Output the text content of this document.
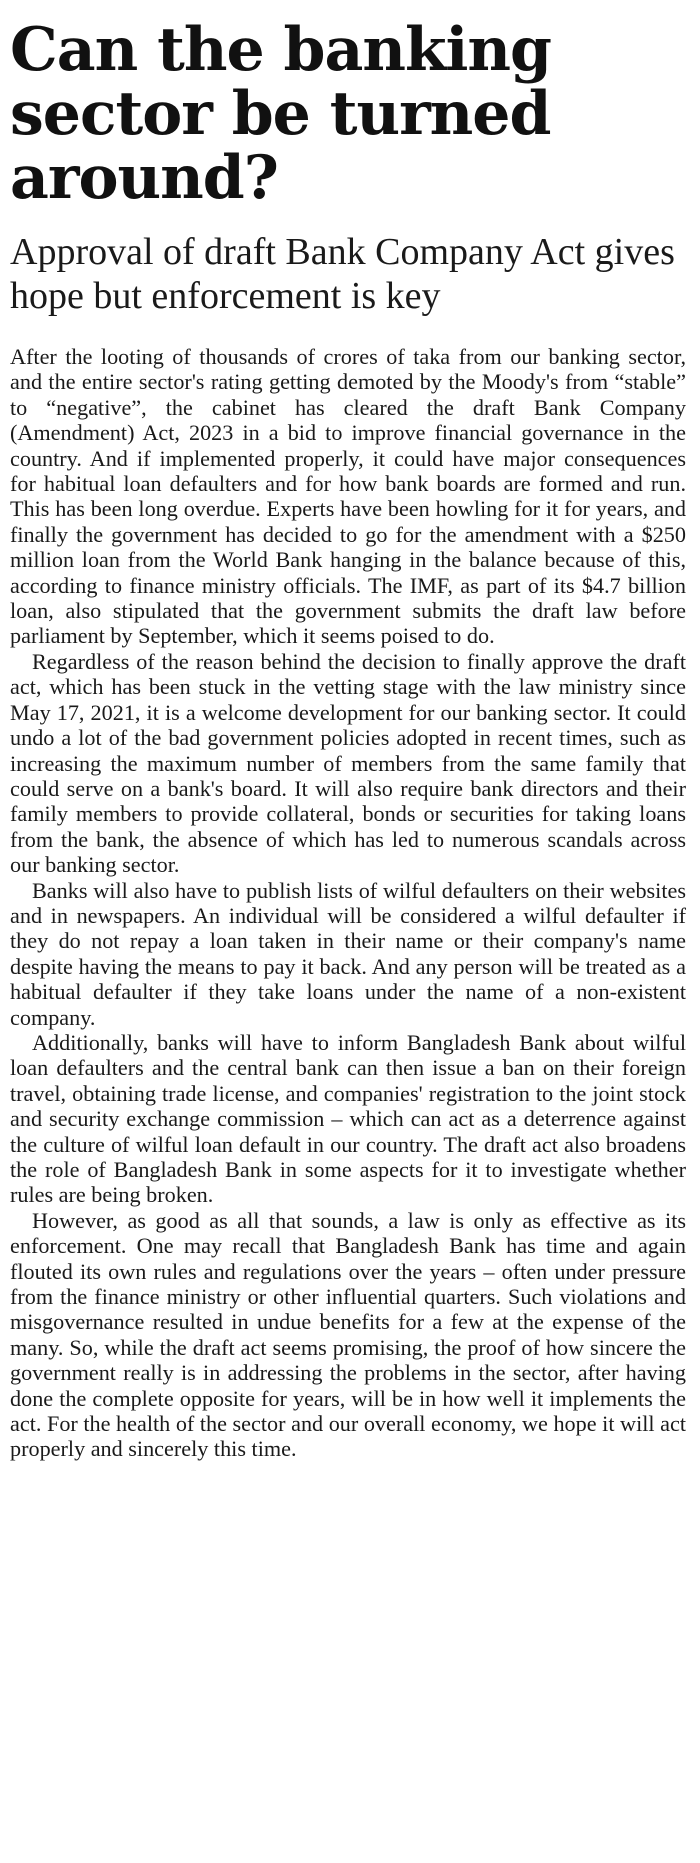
Can the banking sector be turned around?
Approval of draft Bank Company Act gives hope but enforcement is key

After the looting of thousands of crores of taka from our banking sector, and the entire sector's rating getting demoted by the Moody's from “stable” to “negative”, the cabinet has cleared the draft Bank Company (Amendment) Act, 2023 in a bid to improve financial governance in the country. And if implemented properly, it could have major consequences for habitual loan defaulters and for how bank boards are formed and run. This has been long overdue. Experts have been howling for it for years, and finally the government has decided to go for the amendment with a $250 million loan from the World Bank hanging in the balance because of this, according to finance ministry officials. The IMF, as part of its $4.7 billion loan, also stipulated that the government submits the draft law before parliament by September, which it seems poised to do.

Regardless of the reason behind the decision to finally approve the draft act, which has been stuck in the vetting stage with the law ministry since May 17, 2021, it is a welcome development for our banking sector. It could undo a lot of the bad government policies adopted in recent times, such as increasing the maximum number of members from the same family that could serve on a bank's board. It will also require bank directors and their family members to provide collateral, bonds or securities for taking loans from the bank, the absence of which has led to numerous scandals across our banking sector.

Banks will also have to publish lists of wilful defaulters on their websites and in newspapers. An individual will be considered a wilful defaulter if they do not repay a loan taken in their name or their company's name despite having the means to pay it back. And any person will be treated as a habitual defaulter if they take loans under the name of a non-existent company.

Additionally, banks will have to inform Bangladesh Bank about wilful loan defaulters and the central bank can then issue a ban on their foreign travel, obtaining trade license, and companies' registration to the joint stock and security exchange commission – which can act as a deterrence against the culture of wilful loan default in our country. The draft act also broadens the role of Bangladesh Bank in some aspects for it to investigate whether rules are being broken.

However, as good as all that sounds, a law is only as effective as its enforcement. One may recall that Bangladesh Bank has time and again flouted its own rules and regulations over the years – often under pressure from the finance ministry or other influential quarters. Such violations and misgovernance resulted in undue benefits for a few at the expense of the many. So, while the draft act seems promising, the proof of how sincere the government really is in addressing the problems in the sector, after having done the complete opposite for years, will be in how well it implements the act. For the health of the sector and our overall economy, we hope it will act properly and sincerely this time.
